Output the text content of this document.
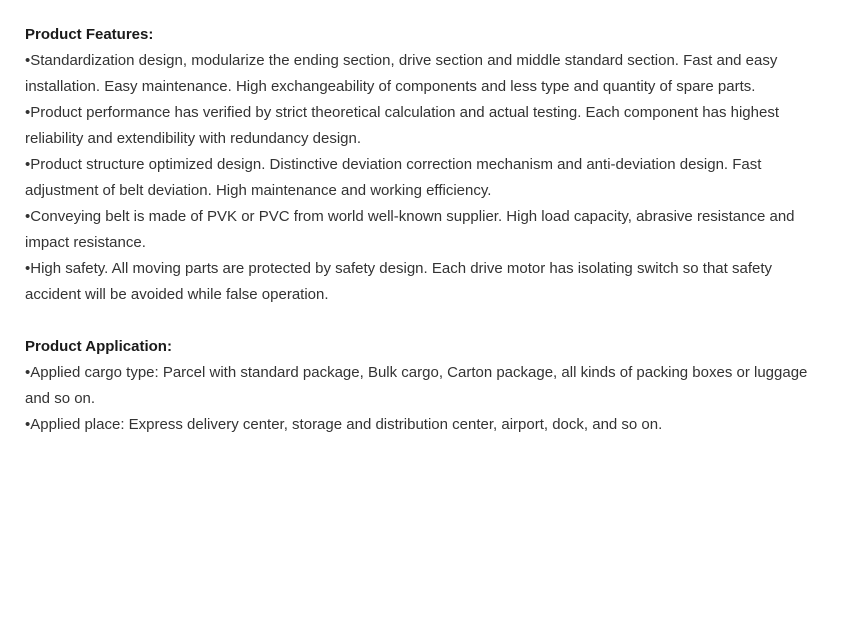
Product Features:

•Standardization design, modularize the ending section, drive section and middle standard section. Fast and easy installation. Easy maintenance. High exchangeability of components and less type and quantity of spare parts.

•Product performance has verified by strict theoretical calculation and actual testing. Each component has highest reliability and extendibility with redundancy design.

•Product structure optimized design. Distinctive deviation correction mechanism and anti-deviation design. Fast adjustment of belt deviation. High maintenance and working efficiency.

•Conveying belt is made of PVK or PVC from world well-known supplier. High load capacity, abrasive resistance and impact resistance.

•High safety. All moving parts are protected by safety design. Each drive motor has isolating switch so that safety accident will be avoided while false operation.

Product Application:

•Applied cargo type: Parcel with standard package, Bulk cargo, Carton package, all kinds of packing boxes or luggage and so on.

•Applied place: Express delivery center, storage and distribution center, airport, dock, and so on.
